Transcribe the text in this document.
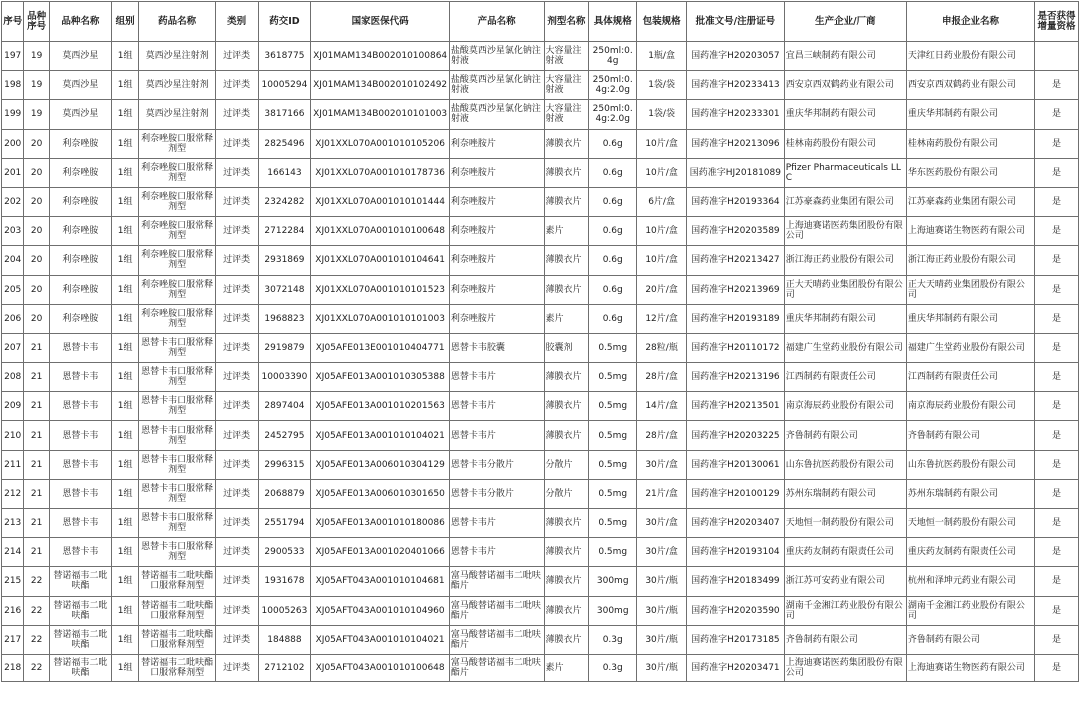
序号	品种序号	品种名称	组别	药品名称	类别	药交ID	国家医保代码	产品名称	剂型名称	具体规格	包装规格	批准文号/注册证号	生产企业/厂商	申报企业名称	是否获得增量资格
197	19	莫西沙星	1组	莫西沙星注射剂	过评类	3618775	XJ01MAM134B002010100864	盐酸莫西沙星氯化钠注射液	大容量注射液	250ml:0.4g	1瓶/盒	国药准字H20203057	宜昌三峡制药有限公司	天津红日药业股份有限公司	
198	19	莫西沙星	1组	莫西沙星注射剂	过评类	10005294	XJ01MAM134B002010102492	盐酸莫西沙星氯化钠注射液	大容量注射液	250ml:0.4g:2.0g	1袋/袋	国药准字H20233413	西安京西双鹤药业有限公司	西安京西双鹤药业有限公司	是
199	19	莫西沙星	1组	莫西沙星注射剂	过评类	3817166	XJ01MAM134B002010101003	盐酸莫西沙星氯化钠注射液	大容量注射液	250ml:0.4g:2.0g	1袋/袋	国药准字H20233301	重庆华邦制药有限公司	重庆华邦制药有限公司	是
200	20	利奈唑胺	1组	利奈唑胺口服常释剂型	过评类	2825496	XJ01XXL070A001010105206	利奈唑胺片	薄膜衣片	0.6g	10片/盒	国药准字H20213096	桂林南药股份有限公司	桂林南药股份有限公司	是
201	20	利奈唑胺	1组	利奈唑胺口服常释剂型	过评类	166143	XJ01XXL070A001010178736	利奈唑胺片	薄膜衣片	0.6g	10片/盒	国药准字HJ20181089	Pfizer Pharmaceuticals LLC	华东医药股份有限公司	是
202	20	利奈唑胺	1组	利奈唑胺口服常释剂型	过评类	2324282	XJ01XXL070A001010101444	利奈唑胺片	薄膜衣片	0.6g	6片/盒	国药准字H20193364	江苏豪森药业集团有限公司	江苏豪森药业集团有限公司	是
203	20	利奈唑胺	1组	利奈唑胺口服常释剂型	过评类	2712284	XJ01XXL070A001010100648	利奈唑胺片	素片	0.6g	10片/盒	国药准字H20203589	上海迪赛诺医药集团股份有限公司	上海迪赛诺生物医药有限公司	是
204	20	利奈唑胺	1组	利奈唑胺口服常释剂型	过评类	2931869	XJ01XXL070A001010104641	利奈唑胺片	薄膜衣片	0.6g	10片/盒	国药准字H20213427	浙江海正药业股份有限公司	浙江海正药业股份有限公司	是
205	20	利奈唑胺	1组	利奈唑胺口服常释剂型	过评类	3072148	XJ01XXL070A001010101523	利奈唑胺片	薄膜衣片	0.6g	20片/盒	国药准字H20213969	正大天晴药业集团股份有限公司	正大天晴药业集团股份有限公司	是
206	20	利奈唑胺	1组	利奈唑胺口服常释剂型	过评类	1968823	XJ01XXL070A001010101003	利奈唑胺片	素片	0.6g	12片/盒	国药准字H20193189	重庆华邦制药有限公司	重庆华邦制药有限公司	是
207	21	恩替卡韦	1组	恩替卡韦口服常释剂型	过评类	2919879	XJ05AFE013E001010404771	恩替卡韦胶囊	胶囊剂	0.5mg	28粒/瓶	国药准字H20110172	福建广生堂药业股份有限公司	福建广生堂药业股份有限公司	是
208	21	恩替卡韦	1组	恩替卡韦口服常释剂型	过评类	10003390	XJ05AFE013A001010305388	恩替卡韦片	薄膜衣片	0.5mg	28片/盒	国药准字H20213196	江西制药有限责任公司	江西制药有限责任公司	是
209	21	恩替卡韦	1组	恩替卡韦口服常释剂型	过评类	2897404	XJ05AFE013A001010201563	恩替卡韦片	薄膜衣片	0.5mg	14片/盒	国药准字H20213501	南京海辰药业股份有限公司	南京海辰药业股份有限公司	是
210	21	恩替卡韦	1组	恩替卡韦口服常释剂型	过评类	2452795	XJ05AFE013A001010104021	恩替卡韦片	薄膜衣片	0.5mg	28片/盒	国药准字H20203225	齐鲁制药有限公司	齐鲁制药有限公司	是
211	21	恩替卡韦	1组	恩替卡韦口服常释剂型	过评类	2996315	XJ05AFE013A006010304129	恩替卡韦分散片	分散片	0.5mg	30片/盒	国药准字H20130061	山东鲁抗医药股份有限公司	山东鲁抗医药股份有限公司	是
212	21	恩替卡韦	1组	恩替卡韦口服常释剂型	过评类	2068879	XJ05AFE013A006010301650	恩替卡韦分散片	分散片	0.5mg	21片/盒	国药准字H20100129	苏州东瑞制药有限公司	苏州东瑞制药有限公司	是
213	21	恩替卡韦	1组	恩替卡韦口服常释剂型	过评类	2551794	XJ05AFE013A001010180086	恩替卡韦片	薄膜衣片	0.5mg	30片/盒	国药准字H20203407	天地恒一制药股份有限公司	天地恒一制药股份有限公司	是
214	21	恩替卡韦	1组	恩替卡韦口服常释剂型	过评类	2900533	XJ05AFE013A001020401066	恩替卡韦片	薄膜衣片	0.5mg	30片/盒	国药准字H20193104	重庆药友制药有限责任公司	重庆药友制药有限责任公司	是
215	22	替诺福韦二吡呋酯	1组	替诺福韦二吡呋酯口服常释剂型	过评类	1931678	XJ05AFT043A001010104681	富马酸替诺福韦二吡呋酯片	薄膜衣片	300mg	30片/瓶	国药准字H20183499	浙江苏可安药业有限公司	杭州和泽坤元药业有限公司	是
216	22	替诺福韦二吡呋酯	1组	替诺福韦二吡呋酯口服常释剂型	过评类	10005263	XJ05AFT043A001010104960	富马酸替诺福韦二吡呋酯片	薄膜衣片	300mg	30片/瓶	国药准字H20203590	湖南千金湘江药业股份有限公司	湖南千金湘江药业股份有限公司	是
217	22	替诺福韦二吡呋酯	1组	替诺福韦二吡呋酯口服常释剂型	过评类	184888	XJ05AFT043A001010104021	富马酸替诺福韦二吡呋酯片	薄膜衣片	0.3g	30片/瓶	国药准字H20173185	齐鲁制药有限公司	齐鲁制药有限公司	是
218	22	替诺福韦二吡呋酯	1组	替诺福韦二吡呋酯口服常释剂型	过评类	2712102	XJ05AFT043A001010100648	富马酸替诺福韦二吡呋酯片	素片	0.3g	30片/瓶	国药准字H20203471	上海迪赛诺医药集团股份有限公司	上海迪赛诺生物医药有限公司	是
